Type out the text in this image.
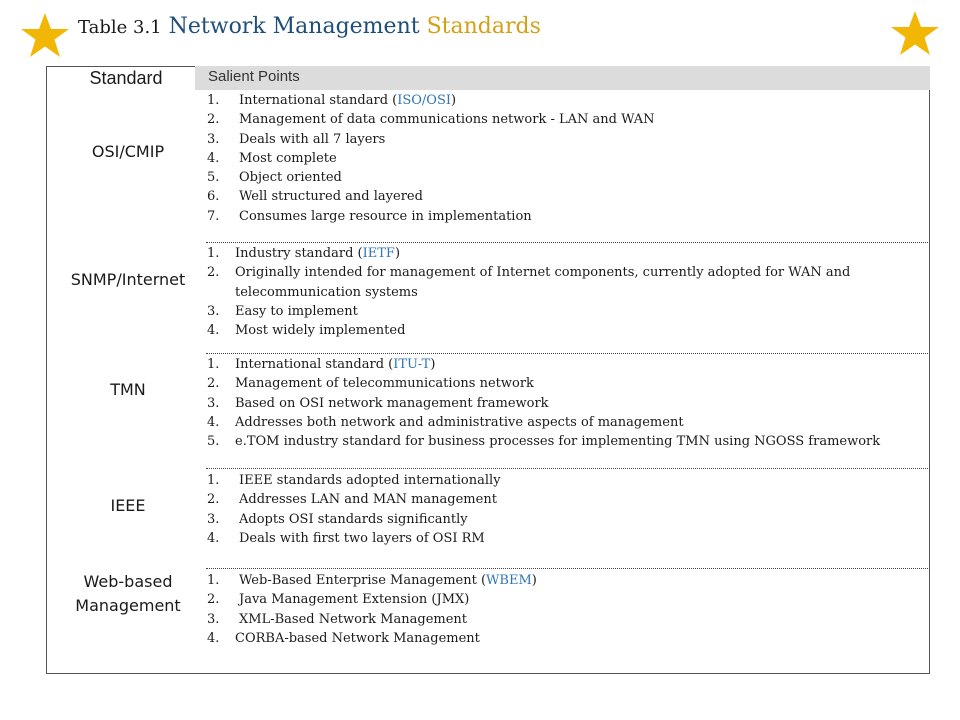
Table 3.1 Network Management Standards
Standard	Salient Points
OSI/CMIP
1. International standard (ISO/OSI)
2. Management of data communications network - LAN and WAN
3. Deals with all 7 layers
4. Most complete
5. Object oriented
6. Well structured and layered
7. Consumes large resource in implementation
SNMP/Internet
1. Industry standard (IETF)
2. Originally intended for management of Internet components, currently adopted for WAN and telecommunication systems
3. Easy to implement
4. Most widely implemented
TMN
1. International standard (ITU-T)
2. Management of telecommunications network
3. Based on OSI network management framework
4. Addresses both network and administrative aspects of management
5. e.TOM industry standard for business processes for implementing TMN using NGOSS framework
IEEE
1. IEEE standards adopted internationally
2. Addresses LAN and MAN management
3. Adopts OSI standards significantly
4. Deals with first two layers of OSI RM
Web-based Management
1. Web-Based Enterprise Management (WBEM)
2. Java Management Extension (JMX)
3. XML-Based Network Management
4. CORBA-based Network Management
